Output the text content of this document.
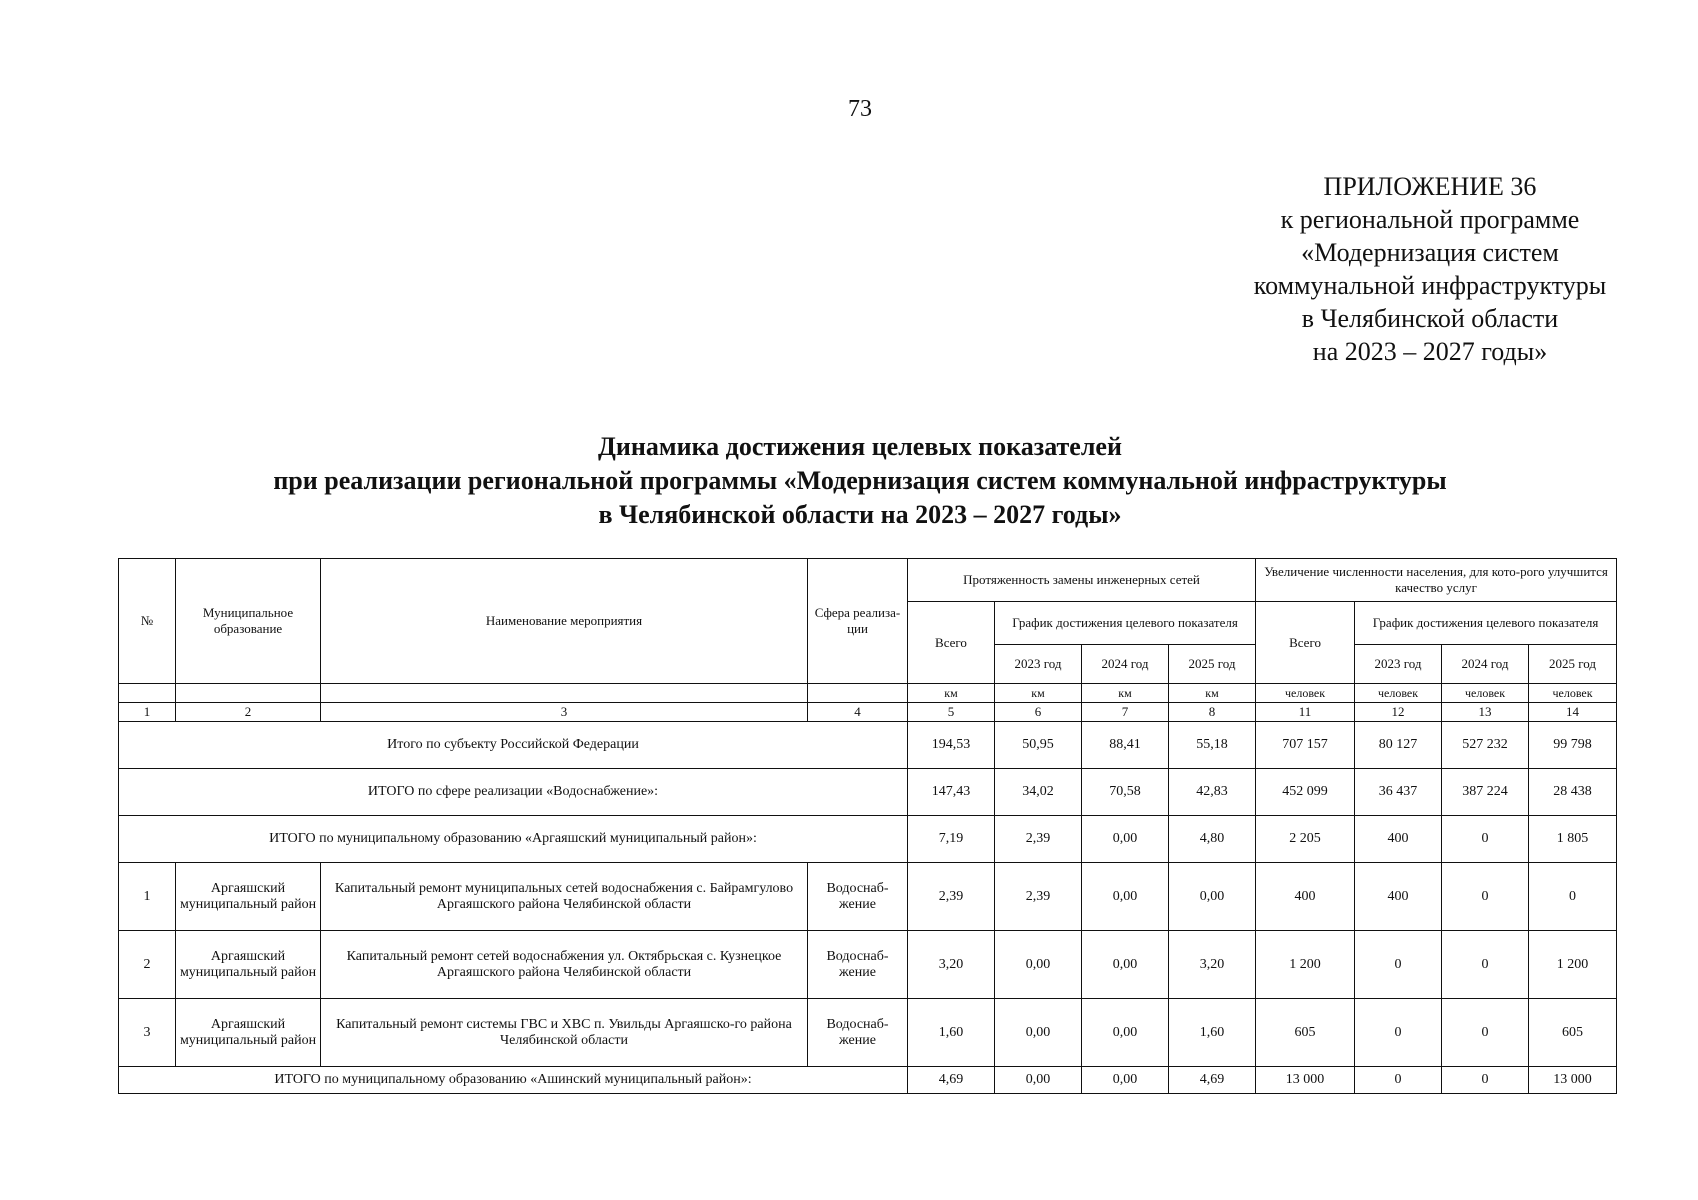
73
ПРИЛОЖЕНИЕ 36
к региональной программе
«Модернизация систем
коммунальной инфраструктуры
в Челябинской области
на 2023 – 2027 годы»
Динамика достижения целевых показателей
при реализации региональной программы «Модернизация систем коммунальной инфраструктуры
в Челябинской области на 2023 – 2027 годы»
№	Муниципальное образование	Наименование мероприятия	Сфера реализа-ции	Протяженность замены инженерных сетей				Увеличение численности населения, для кото-рого улучшится качество услуг			
				Всего	График достижения целевого показателя			Всего	График достижения целевого показателя		
					2023 год	2024 год	2025 год		2023 год	2024 год	2025 год
				км	км	км	км	человек	человек	человек	человек
1	2	3	4	5	6	7	8	11	12	13	14
Итого по субъекту Российской Федерации				194,53	50,95	88,41	55,18	707 157	80 127	527 232	99 798
ИТОГО по сфере реализации «Водоснабжение»:				147,43	34,02	70,58	42,83	452 099	36 437	387 224	28 438
ИТОГО по муниципальному образованию «Аргаяшский муниципальный район»:				7,19	2,39	0,00	4,80	2 205	400	0	1 805
1	Аргаяшский муниципальный район	Капитальный ремонт муниципальных сетей водоснабжения с. Байрамгулово Аргаяшского района Челябинской области	Водоснаб-жение	2,39	2,39	0,00	0,00	400	400	0	0
2	Аргаяшский муниципальный район	Капитальный ремонт сетей водоснабжения ул. Октябрьская с. Кузнецкое Аргаяшского района Челябинской области	Водоснаб-жение	3,20	0,00	0,00	3,20	1 200	0	0	1 200
3	Аргаяшский муниципальный район	Капитальный ремонт системы ГВС и ХВС п. Увильды Аргаяшско-го района Челябинской области	Водоснаб-жение	1,60	0,00	0,00	1,60	605	0	0	605
ИТОГО по муниципальному образованию «Ашинский муниципальный район»:				4,69	0,00	0,00	4,69	13 000	0	0	13 000
